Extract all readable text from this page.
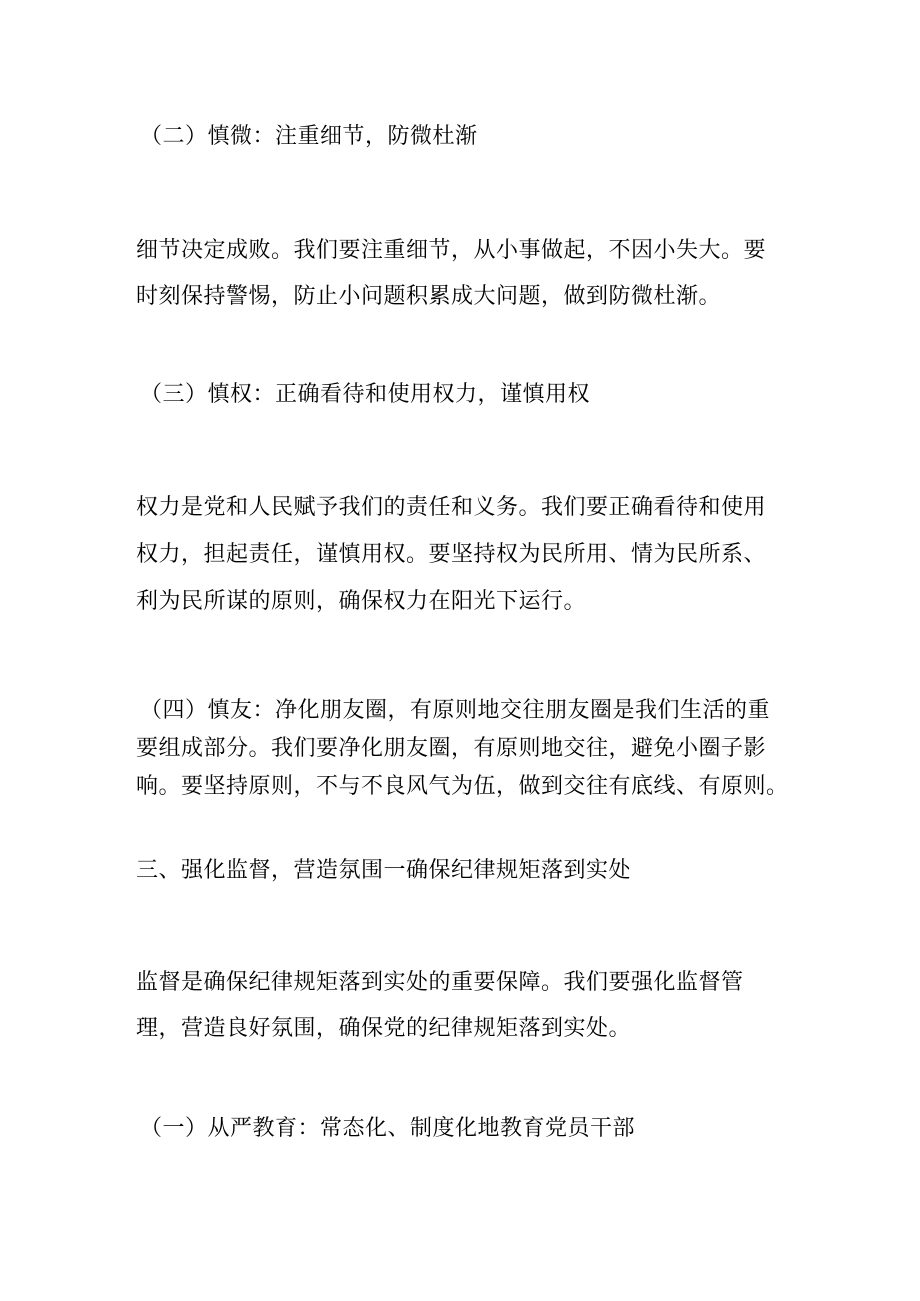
（二）慎微：注重细节，防微杜渐
细节决定成败。我们要注重细节，从小事做起，不因小失大。要
时刻保持警惕，防止小问题积累成大问题，做到防微杜渐。
（三）慎权：正确看待和使用权力，谨慎用权
权力是党和人民赋予我们的责任和义务。我们要正确看待和使用
权力，担起责任，谨慎用权。要坚持权为民所用、情为民所系、
利为民所谋的原则，确保权力在阳光下运行。
（四）慎友：净化朋友圈，有原则地交往朋友圈是我们生活的重
要组成部分。我们要净化朋友圈，有原则地交往，避免小圈子影
响。要坚持原则，不与不良风气为伍，做到交往有底线、有原则。
三、强化监督，营造氛围一确保纪律规矩落到实处
监督是确保纪律规矩落到实处的重要保障。我们要强化监督管
理，营造良好氛围，确保党的纪律规矩落到实处。
（一）从严教育：常态化、制度化地教育党员干部
